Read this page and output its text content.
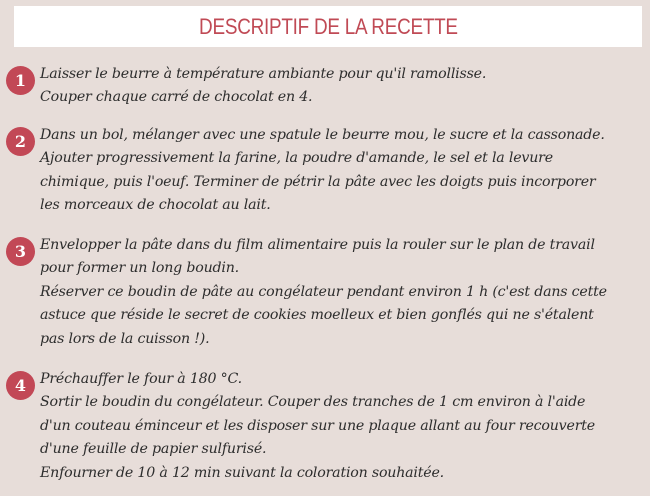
DESCRIPTIF DE LA RECETTE
1 Laisser le beurre à température ambiante pour qu'il ramollisse.
Couper chaque carré de chocolat en 4.
2 Dans un bol, mélanger avec une spatule le beurre mou, le sucre et la cassonade.
Ajouter progressivement la farine, la poudre d'amande, le sel et la levure
chimique, puis l'oeuf. Terminer de pétrir la pâte avec les doigts puis incorporer
les morceaux de chocolat au lait.
3 Envelopper la pâte dans du film alimentaire puis la rouler sur le plan de travail
pour former un long boudin.
Réserver ce boudin de pâte au congélateur pendant environ 1 h (c'est dans cette
astuce que réside le secret de cookies moelleux et bien gonflés qui ne s'étalent
pas lors de la cuisson !).
4 Préchauffer le four à 180 °C.
Sortir le boudin du congélateur. Couper des tranches de 1 cm environ à l'aide
d'un couteau éminceur et les disposer sur une plaque allant au four recouverte
d'une feuille de papier sulfurisé.
Enfourner de 10 à 12 min suivant la coloration souhaitée.
